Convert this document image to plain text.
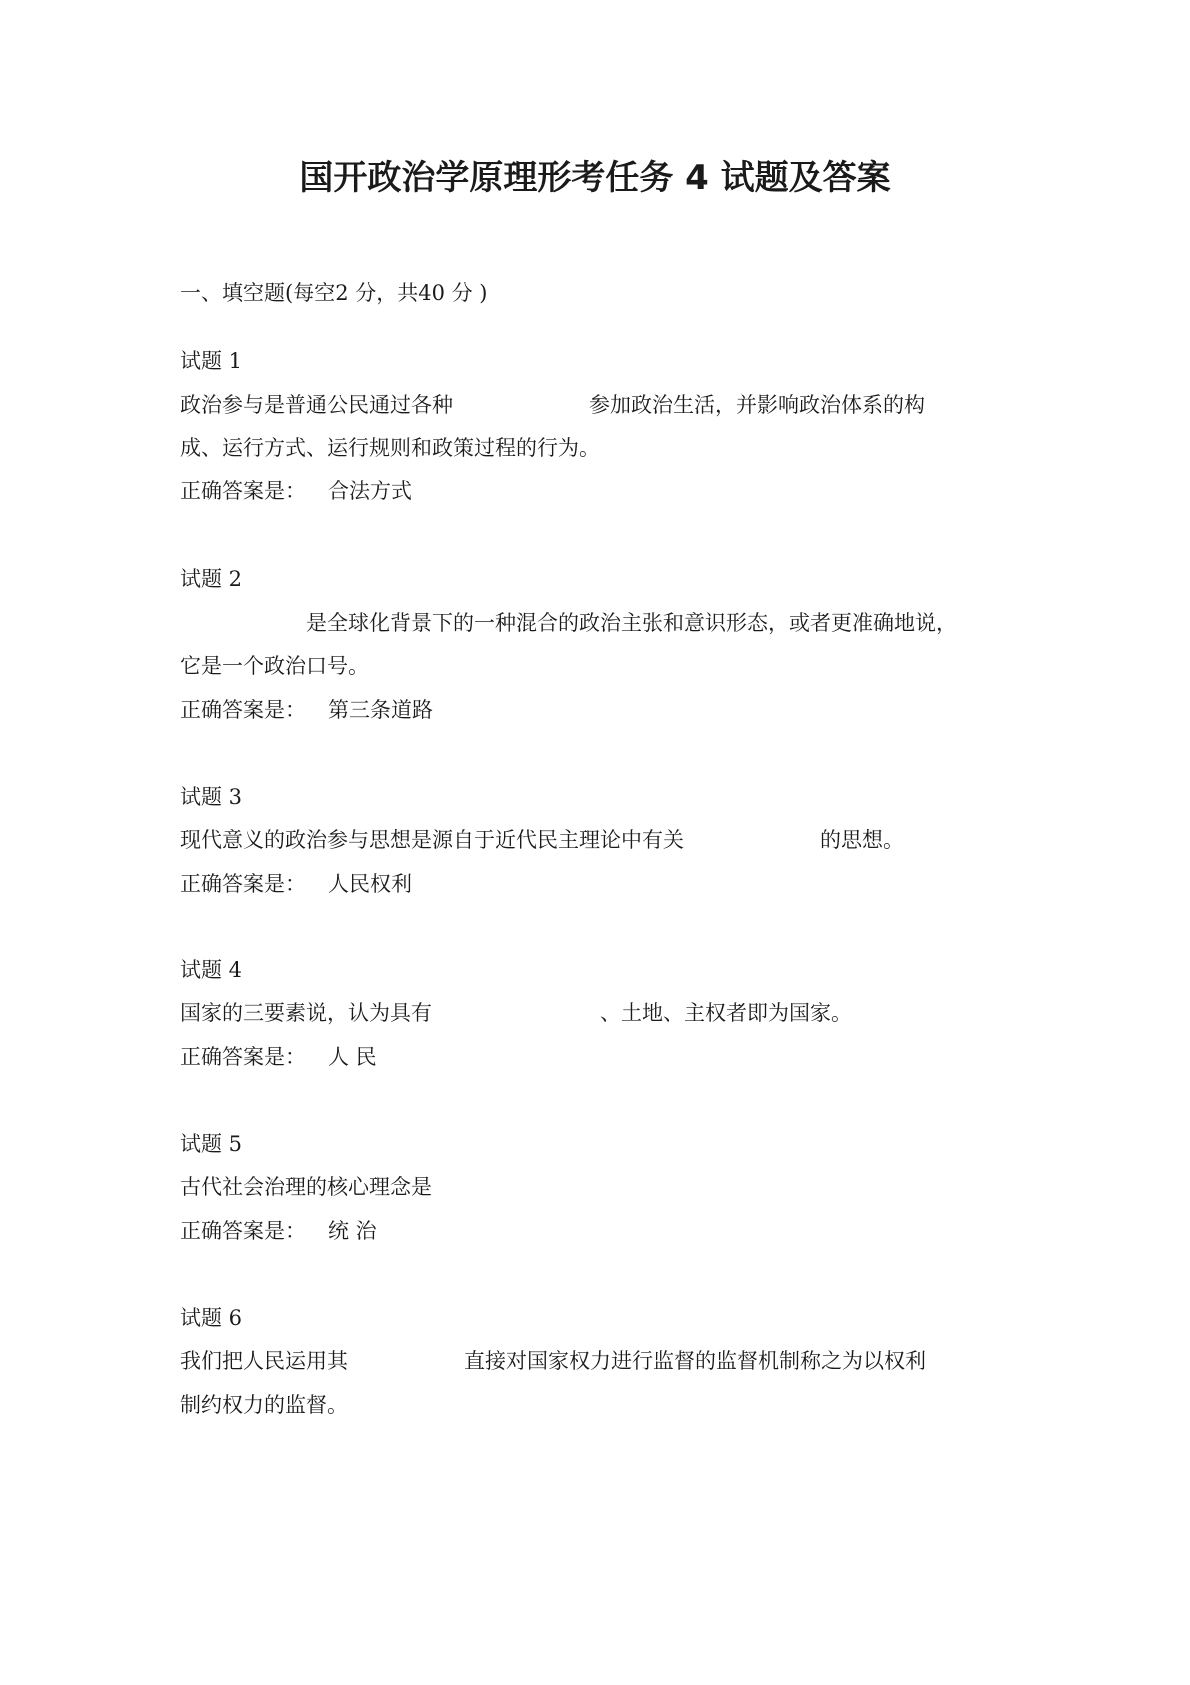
国开政治学原理形考任务 4 试题及答案
一、填空题(每空2 分，共40 分 )
试题 1
政治参与是普通公民通过各种	参加政治生活，并影响政治体系的构
成、运行方式、运行规则和政策过程的行为。
正确答案是： 合法方式
试题 2
是全球化背景下的一种混合的政治主张和意识形态，或者更准确地说，
它是一个政治口号。
正确答案是： 第三条道路
试题 3
现代意义的政治参与思想是源自于近代民主理论中有关	的思想。
正确答案是： 人民权利
试题 4
国家的三要素说，认为具有	、土地、主权者即为国家。
正确答案是： 人 民
试题 5
古代社会治理的核心理念是
正确答案是： 统 治
试题 6
我们把人民运用其	直接对国家权力进行监督的监督机制称之为以权利
制约权力的监督。
